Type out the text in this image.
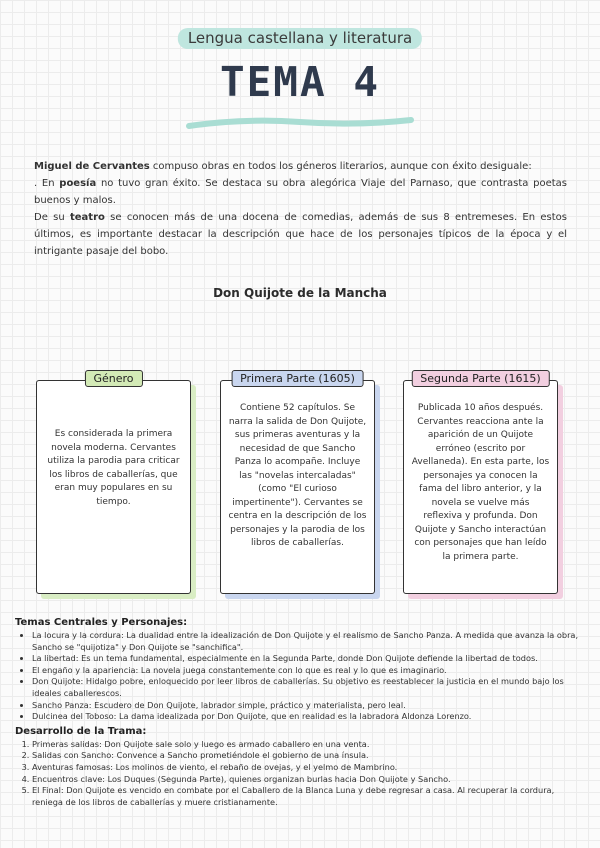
Lengua castellana y literatura
TEMA 4

Miguel de Cervantes compuso obras en todos los géneros literarios, aunque con éxito desiguale:

. En poesía no tuvo gran éxito. Se destaca su obra alegórica Viaje del Parnaso, que contrasta poetas buenos y malos.

De su teatro se conocen más de una docena de comedias, además de sus 8 entremeses. En estos últimos, es importante destacar la descripción que hace de los personajes típicos de la época y el intrigante pasaje del bobo.

Don Quijote de la Mancha
Género
Es considerada la primera novela moderna. Cervantes utiliza la parodia para criticar los libros de caballerías, que eran muy populares en su tiempo.
Primera Parte (1605)
Contiene 52 capítulos. Se narra la salida de Don Quijote, sus primeras aventuras y la necesidad de que Sancho Panza lo acompañe. Incluye las "novelas intercaladas" (como "El curioso impertinente"). Cervantes se centra en la descripción de los personajes y la parodia de los libros de caballerías.
Segunda Parte (1615)
Publicada 10 años después. Cervantes reacciona ante la aparición de un Quijote erróneo (escrito por Avellaneda). En esta parte, los personajes ya conocen la fama del libro anterior, y la novela se vuelve más reflexiva y profunda. Don Quijote y Sancho interactúan con personajes que han leído la primera parte.
Temas Centrales y Personajes:
• La locura y la cordura: La dualidad entre la idealización de Don Quijote y el realismo de Sancho Panza. A medida que avanza la obra, Sancho se "quijotiza" y Don Quijote se "sanchifica".
• La libertad: Es un tema fundamental, especialmente en la Segunda Parte, donde Don Quijote defiende la libertad de todos.
• El engaño y la apariencia: La novela juega constantemente con lo que es real y lo que es imaginario.
• Don Quijote: Hidalgo pobre, enloquecido por leer libros de caballerías. Su objetivo es reestablecer la justicia en el mundo bajo los ideales caballerescos.
• Sancho Panza: Escudero de Don Quijote, labrador simple, práctico y materialista, pero leal.
• Dulcinea del Toboso: La dama idealizada por Don Quijote, que en realidad es la labradora Aldonza Lorenzo.
Desarrollo de la Trama:
1. Primeras salidas: Don Quijote sale solo y luego es armado caballero en una venta.
2. Salidas con Sancho: Convence a Sancho prometiéndole el gobierno de una ínsula.
3. Aventuras famosas: Los molinos de viento, el rebaño de ovejas, y el yelmo de Mambrino.
4. Encuentros clave: Los Duques (Segunda Parte), quienes organizan burlas hacia Don Quijote y Sancho.
5. El Final: Don Quijote es vencido en combate por el Caballero de la Blanca Luna y debe regresar a casa. Al recuperar la cordura, reniega de los libros de caballerías y muere cristianamente.
